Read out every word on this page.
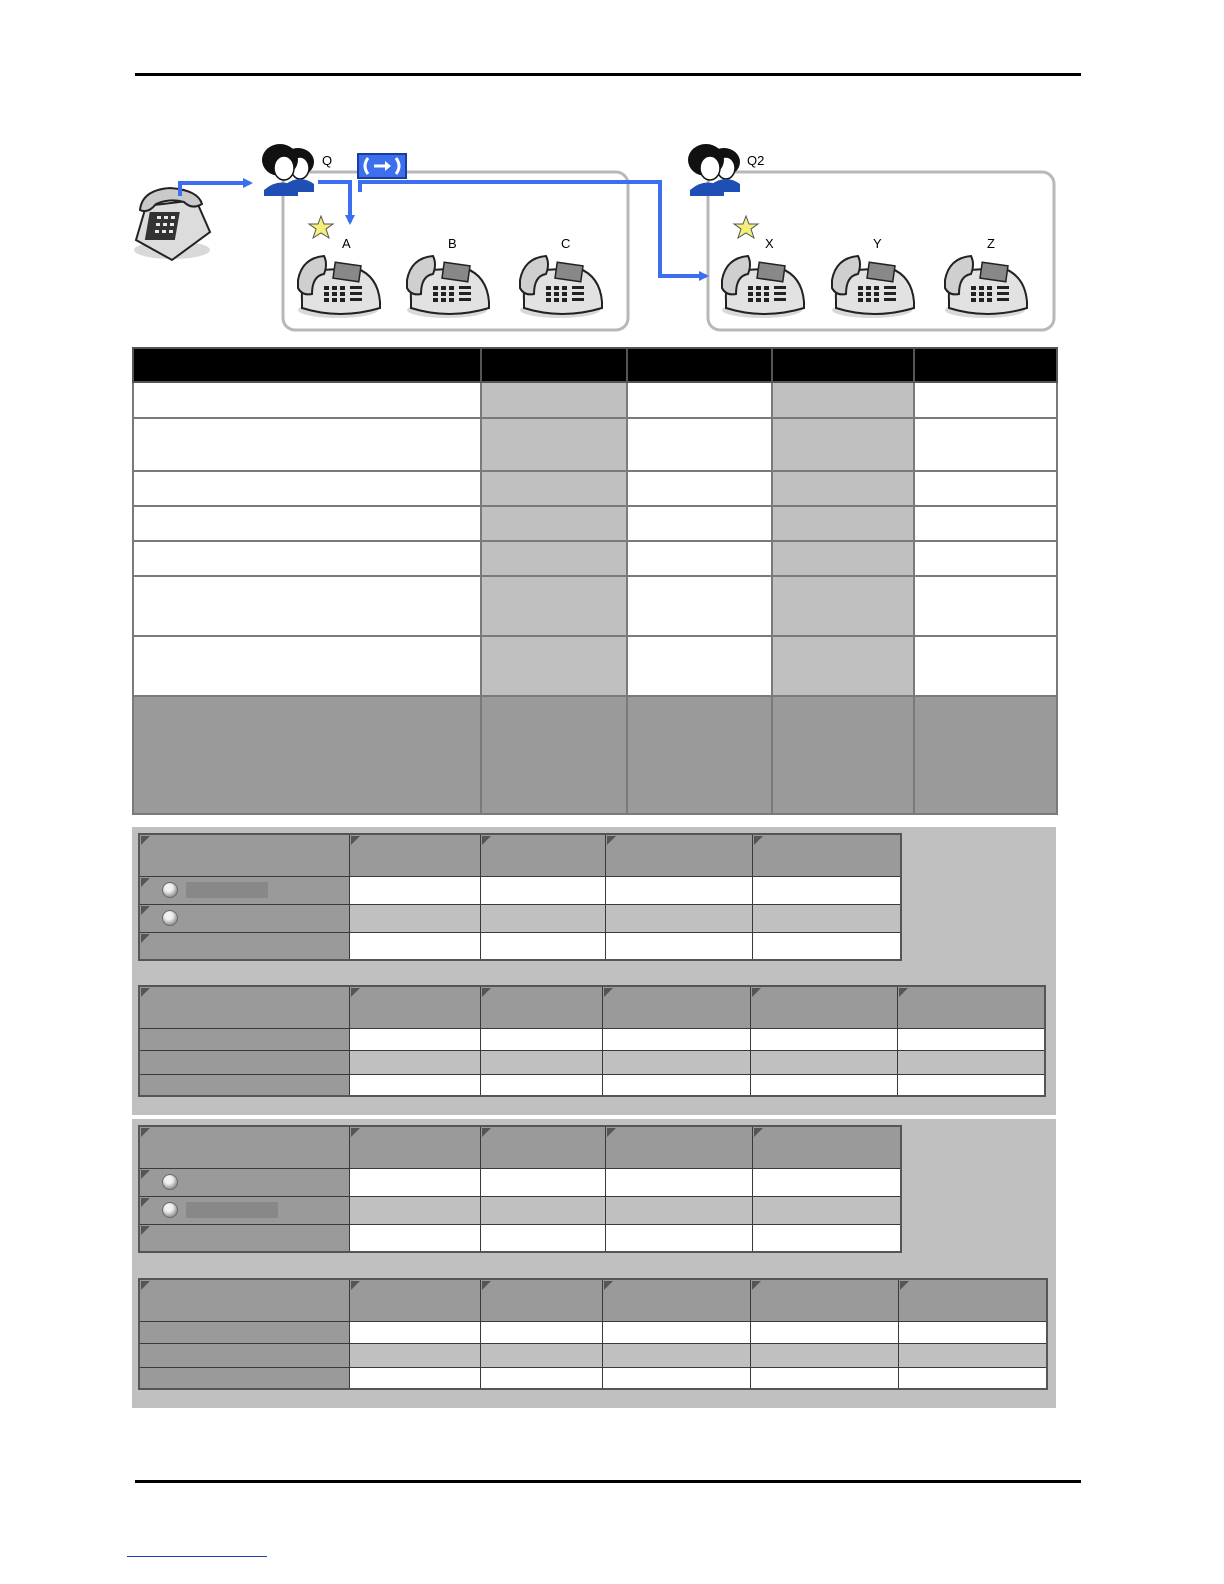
Q	Q2
A	B	C	X	Y	Z
